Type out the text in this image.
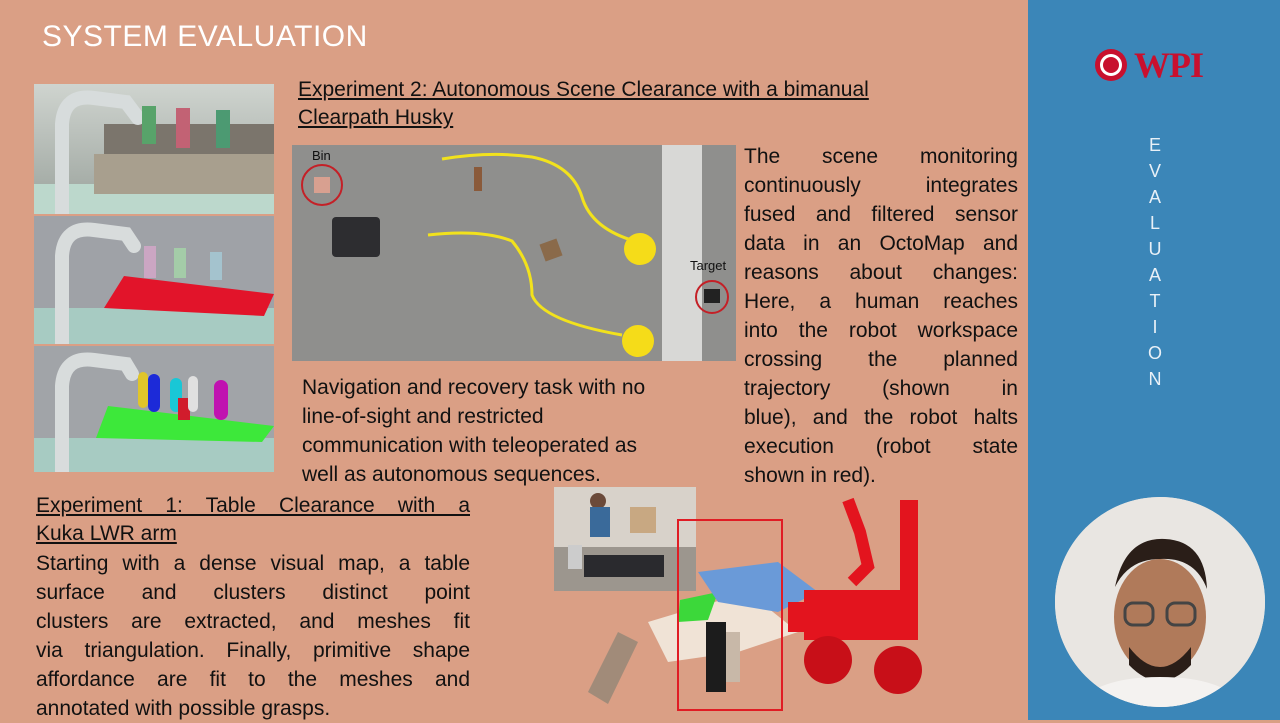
SYSTEM EVALUATION
Experiment 2: Autonomous Scene Clearance with a bimanual
Clearpath Husky
Bin
Target
Navigation and recovery task with no
line-of-sight and restricted
communication with teleoperated as
well as autonomous sequences.
The scene monitoring
continuously integrates
fused and filtered sensor
data in an OctoMap and
reasons about changes:
Here, a human reaches
into the robot workspace
crossing the planned
trajectory (shown in
blue), and the robot halts
execution (robot state
shown in red).
Experiment 1: Table Clearance with a
Kuka LWR arm
Starting with a dense visual map, a table
surface and clusters distinct point
clusters are extracted, and meshes fit
via triangulation. Finally, primitive shape
affordance are fit to the meshes and
annotated with possible grasps.
WPI
E
V
A
L
U
A
T
I
O
N
